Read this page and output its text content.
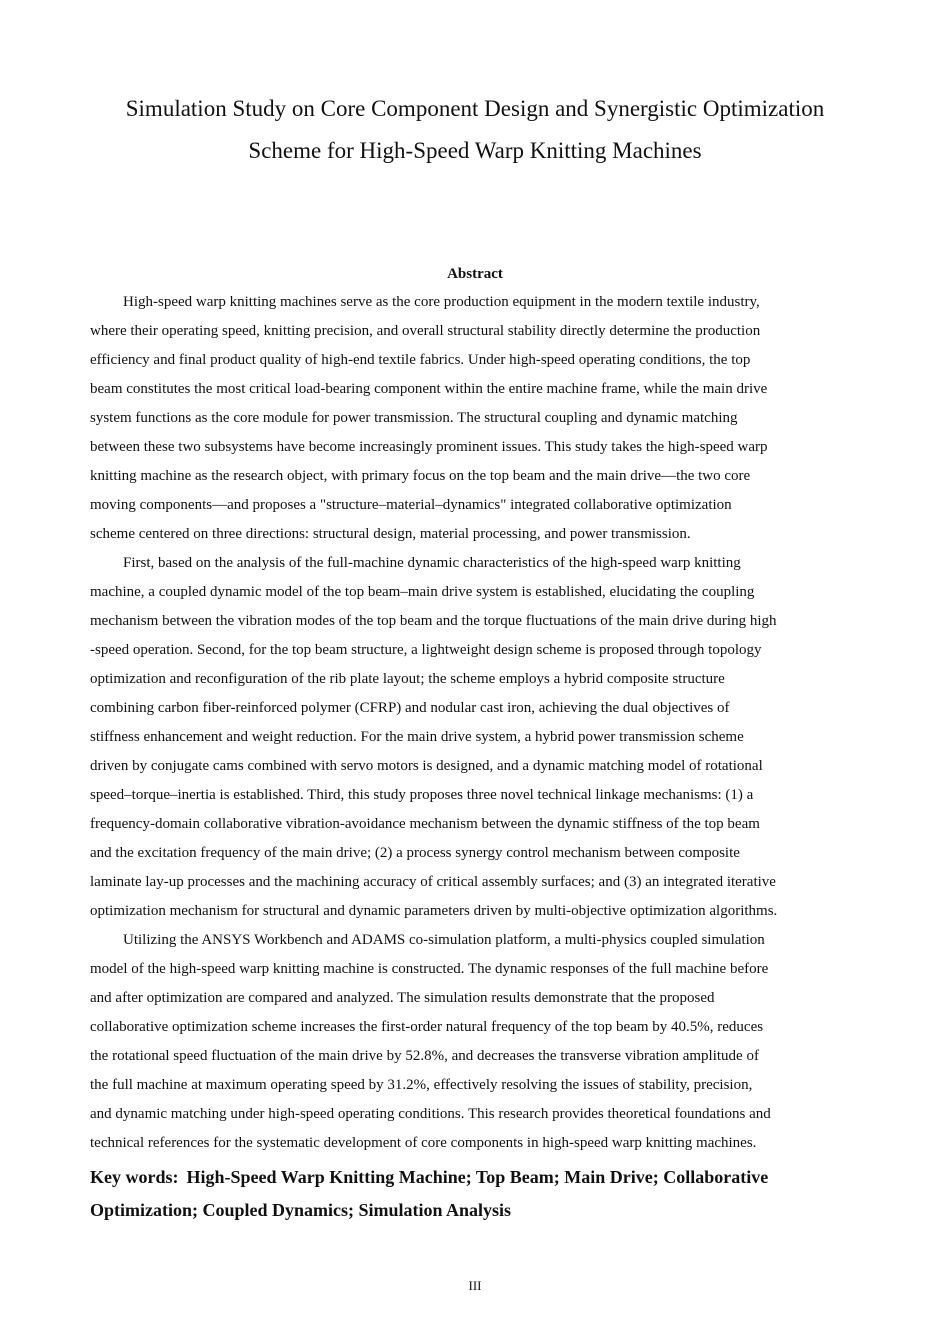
Simulation Study on Core Component Design and Synergistic Optimization
Scheme for High-Speed Warp Knitting Machines
Abstract
High-speed warp knitting machines serve as the core production equipment in the modern textile industry,
where their operating speed, knitting precision, and overall structural stability directly determine the production
efficiency and final product quality of high-end textile fabrics. Under high-speed operating conditions, the top
beam constitutes the most critical load-bearing component within the entire machine frame, while the main drive
system functions as the core module for power transmission. The structural coupling and dynamic matching
between these two subsystems have become increasingly prominent issues. This study takes the high-speed warp
knitting machine as the research object, with primary focus on the top beam and the main drive—the two core
moving components—and proposes a "structure–material–dynamics" integrated collaborative optimization
scheme centered on three directions: structural design, material processing, and power transmission.
First, based on the analysis of the full-machine dynamic characteristics of the high-speed warp knitting
machine, a coupled dynamic model of the top beam–main drive system is established, elucidating the coupling
mechanism between the vibration modes of the top beam and the torque fluctuations of the main drive during high
-speed operation. Second, for the top beam structure, a lightweight design scheme is proposed through topology
optimization and reconfiguration of the rib plate layout; the scheme employs a hybrid composite structure
combining carbon fiber-reinforced polymer (CFRP) and nodular cast iron, achieving the dual objectives of
stiffness enhancement and weight reduction. For the main drive system, a hybrid power transmission scheme
driven by conjugate cams combined with servo motors is designed, and a dynamic matching model of rotational
speed–torque–inertia is established. Third, this study proposes three novel technical linkage mechanisms: (1) a
frequency-domain collaborative vibration-avoidance mechanism between the dynamic stiffness of the top beam
and the excitation frequency of the main drive; (2) a process synergy control mechanism between composite
laminate lay-up processes and the machining accuracy of critical assembly surfaces; and (3) an integrated iterative
optimization mechanism for structural and dynamic parameters driven by multi-objective optimization algorithms.
Utilizing the ANSYS Workbench and ADAMS co-simulation platform, a multi-physics coupled simulation
model of the high-speed warp knitting machine is constructed. The dynamic responses of the full machine before
and after optimization are compared and analyzed. The simulation results demonstrate that the proposed
collaborative optimization scheme increases the first-order natural frequency of the top beam by 40.5%, reduces
the rotational speed fluctuation of the main drive by 52.8%, and decreases the transverse vibration amplitude of
the full machine at maximum operating speed by 31.2%, effectively resolving the issues of stability, precision,
and dynamic matching under high-speed operating conditions. This research provides theoretical foundations and
technical references for the systematic development of core components in high-speed warp knitting machines.
Key words: High-Speed Warp Knitting Machine; Top Beam; Main Drive; Collaborative
Optimization; Coupled Dynamics; Simulation Analysis
III
